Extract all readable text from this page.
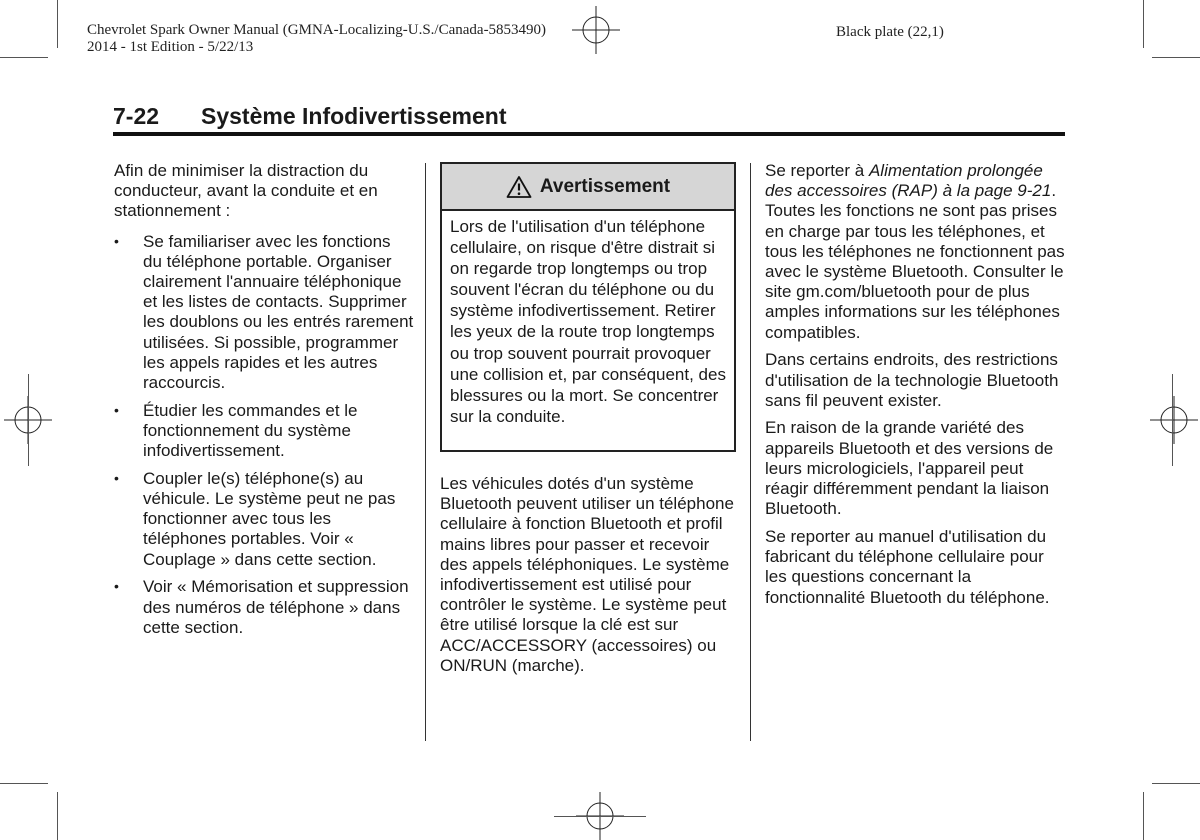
Chevrolet Spark Owner Manual (GMNA-Localizing-U.S./Canada-5853490)
2014 - 1st Edition - 5/22/13
Black plate (22,1)
7-22 Système Infodivertissement

Afin de minimiser la distraction du conducteur, avant la conduite et en stationnement :

• Se familiariser avec les fonctions du téléphone portable. Organiser clairement l'annuaire téléphonique et les listes de contacts. Supprimer les doublons ou les entrés rarement utilisées. Si possible, programmer les appels rapides et les autres raccourcis.
• Étudier les commandes et le fonctionnement du système infodivertissement.
• Coupler le(s) téléphone(s) au véhicule. Le système peut ne pas fonctionner avec tous les téléphones portables. Voir « Couplage » dans cette section.
• Voir « Mémorisation et suppression des numéros de téléphone » dans cette section.
Avertissement
Lors de l'utilisation d'un téléphone cellulaire, on risque d'être distrait si on regarde trop longtemps ou trop souvent l'écran du téléphone ou du système infodivertissement. Retirer les yeux de la route trop longtemps ou trop souvent pourrait provoquer une collision et, par conséquent, des blessures ou la mort. Se concentrer sur la conduite.

Les véhicules dotés d'un système Bluetooth peuvent utiliser un téléphone cellulaire à fonction Bluetooth et profil mains libres pour passer et recevoir des appels téléphoniques. Le système infodivertissement est utilisé pour contrôler le système. Le système peut être utilisé lorsque la clé est sur ACC/ACCESSORY (accessoires) ou ON/RUN (marche).

Se reporter à Alimentation prolongée des accessoires (RAP) à la page 9-21. Toutes les fonctions ne sont pas prises en charge par tous les téléphones, et tous les téléphones ne fonctionnent pas avec le système Bluetooth. Consulter le site gm.com/bluetooth pour de plus amples informations sur les téléphones compatibles.

Dans certains endroits, des restrictions d'utilisation de la technologie Bluetooth sans fil peuvent exister.

En raison de la grande variété des appareils Bluetooth et des versions de leurs micrologiciels, l'appareil peut réagir différemment pendant la liaison Bluetooth.

Se reporter au manuel d'utilisation du fabricant du téléphone cellulaire pour les questions concernant la fonctionnalité Bluetooth du téléphone.
